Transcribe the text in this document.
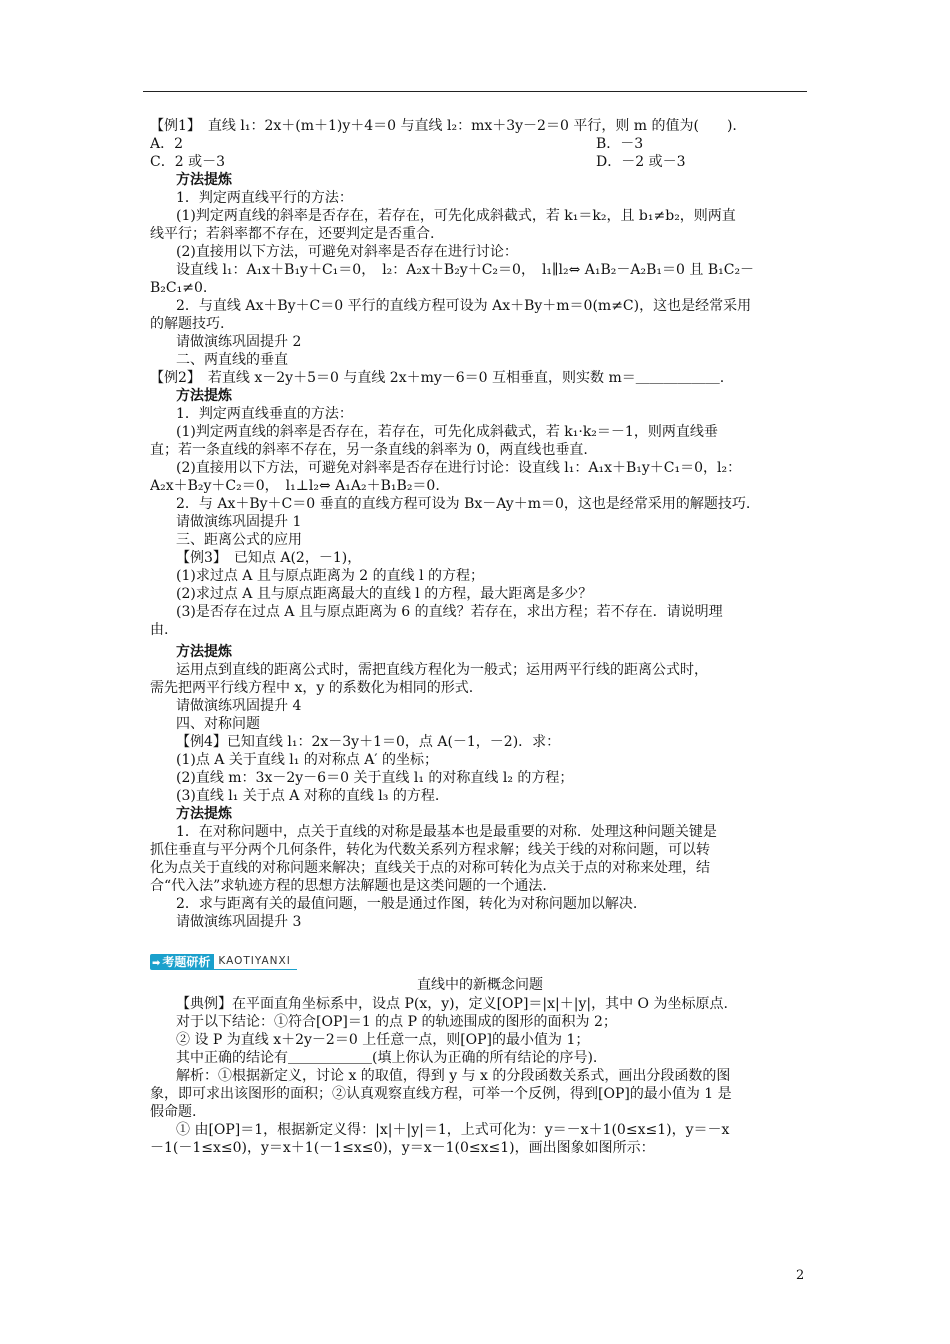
【例1】　直线 l₁：2x＋(m＋1)y＋4＝0 与直线 l₂：mx＋3y－2＝0 平行，则 m 的值为(　　).
A．2	B．－3
C．2 或－3	D．－2 或－3
方法提炼
1．判定两直线平行的方法：
(1)判定两直线的斜率是否存在，若存在，可先化成斜截式，若 k₁＝k₂，且 b₁≠b₂，则两直
线平行；若斜率都不存在，还要判定是否重合.
(2)直接用以下方法，可避免对斜率是否存在进行讨论：
设直线 l₁：A₁x＋B₁y＋C₁＝0，　l₂：A₂x＋B₂y＋C₂＝0，　l₁∥l₂⇔ A₁B₂－A₂B₁＝0 且 B₁C₂－
B₂C₁≠0.
2．与直线 Ax＋By＋C＝0 平行的直线方程可设为 Ax＋By＋m＝0(m≠C)，这也是经常采用
的解题技巧.
请做演练巩固提升 2
二、两直线的垂直
【例2】　若直线 x－2y＋5＝0 与直线 2x＋my－6＝0 互相垂直，则实数 m＝＿＿＿＿＿＿.
方法提炼
1．判定两直线垂直的方法：
(1)判定两直线的斜率是否存在，若存在，可先化成斜截式，若 k₁·k₂＝－1，则两直线垂
直；若一条直线的斜率不存在，另一条直线的斜率为 0，两直线也垂直.
(2)直接用以下方法，可避免对斜率是否存在进行讨论：设直线 l₁：A₁x＋B₁y＋C₁＝0，l₂：
A₂x＋B₂y＋C₂＝0，　l₁⊥l₂⇔ A₁A₂＋B₁B₂＝0.
2．与 Ax＋By＋C＝0 垂直的直线方程可设为 Bx－Ay＋m＝0，这也是经常采用的解题技巧.
请做演练巩固提升 1
三、距离公式的应用
【例3】　已知点 A(2，－1)，
(1)求过点 A 且与原点距离为 2 的直线 l 的方程；
(2)求过点 A 且与原点距离最大的直线 l 的方程，最大距离是多少？
(3)是否存在过点 A 且与原点距离为 6 的直线？若存在，求出方程；若不存在．请说明理
由.
方法提炼
运用点到直线的距离公式时，需把直线方程化为一般式；运用两平行线的距离公式时，
需先把两平行线方程中 x，y 的系数化为相同的形式.
请做演练巩固提升 4
四、对称问题
【例4】已知直线 l₁：2x－3y＋1＝0，点 A(－1，－2)．求：
(1)点 A 关于直线 l₁ 的对称点 A′ 的坐标；
(2)直线 m：3x－2y－6＝0 关于直线 l₁ 的对称直线 l₂ 的方程；
(3)直线 l₁ 关于点 A 对称的直线 l₃ 的方程.
方法提炼
1．在对称问题中，点关于直线的对称是最基本也是最重要的对称．处理这种问题关键是
抓住垂直与平分两个几何条件，转化为代数关系列方程求解；线关于线的对称问题，可以转
化为点关于直线的对称问题来解决；直线关于点的对称可转化为点关于点的对称来处理，结
合“代入法”求轨迹方程的思想方法解题也是这类问题的一个通法.
2．求与距离有关的最值问题，一般是通过作图，转化为对称问题加以解决.
请做演练巩固提升 3
直线中的新概念问题
【典例】在平面直角坐标系中，设点 P(x，y)，定义[OP]＝|x|＋|y|，其中 O 为坐标原点.
对于以下结论：①符合[OP]＝1 的点 P 的轨迹围成的图形的面积为 2；
② 设 P 为直线 x＋2y－2＝0 上任意一点，则[OP]的最小值为 1；
其中正确的结论有＿＿＿＿＿＿(填上你认为正确的所有结论的序号).
解析：①根据新定义，讨论 x 的取值，得到 y 与 x 的分段函数关系式，画出分段函数的图
象，即可求出该图形的面积；②认真观察直线方程，可举一个反例，得到[OP]的最小值为 1 是
假命题.
① 由[OP]＝1，根据新定义得：|x|＋|y|＝1，上式可化为：y＝－x＋1(0≤x≤1)，y＝－x
－1(－1≤x≤0)，y＝x＋1(－1≤x≤0)，y＝x－1(0≤x≤1)，画出图象如图所示：
➡ 考题研析 KAOTIYANXI
2
